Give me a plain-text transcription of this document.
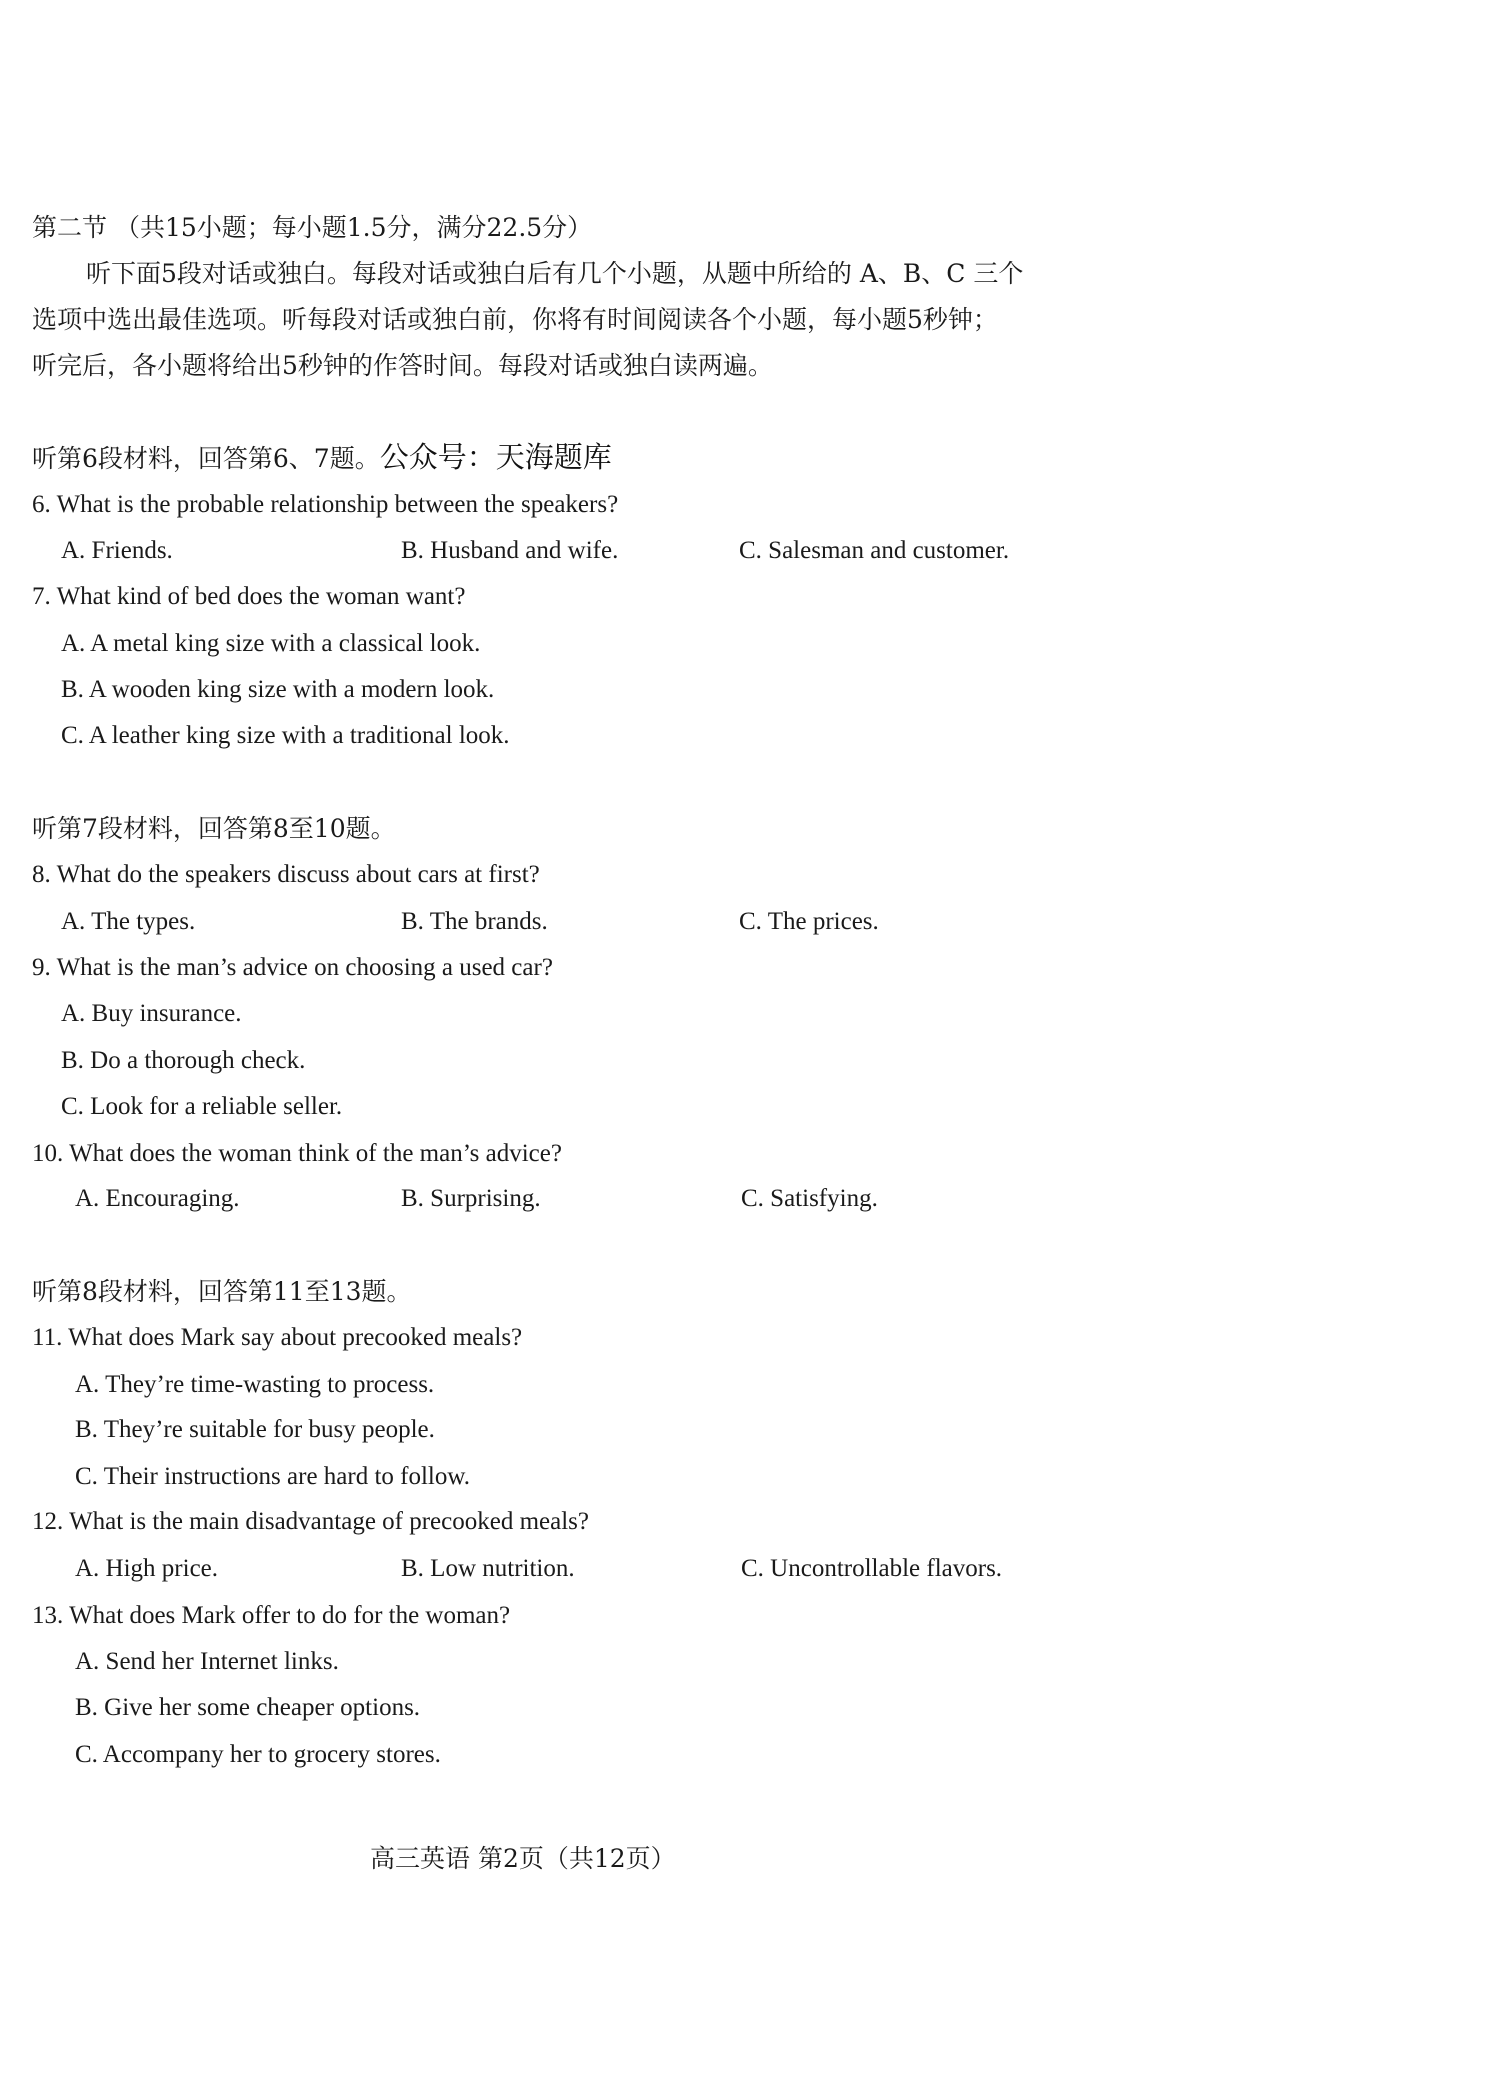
第二节 （共15小题；每小题1.5分，满分22.5分）
听下面5段对话或独白。每段对话或独白后有几个小题，从题中所给的 A、B、C 三个
选项中选出最佳选项。听每段对话或独白前，你将有时间阅读各个小题，每小题5秒钟；
听完后，各小题将给出5秒钟的作答时间。每段对话或独白读两遍。
听第6段材料，回答第6、7题。公众号：天海题库
6. What is the probable relationship between the speakers?
A. Friends.	B. Husband and wife.	C. Salesman and customer.
7. What kind of bed does the woman want?
A. A metal king size with a classical look.
B. A wooden king size with a modern look.
C. A leather king size with a traditional look.
听第7段材料，回答第8至10题。
8. What do the speakers discuss about cars at first?
A. The types.	B. The brands.	C. The prices.
9. What is the man’s advice on choosing a used car?
A. Buy insurance.
B. Do a thorough check.
C. Look for a reliable seller.
10. What does the woman think of the man’s advice?
A. Encouraging.	B. Surprising.	C. Satisfying.
听第8段材料，回答第11至13题。
11. What does Mark say about precooked meals?
A. They’re time-wasting to process.
B. They’re suitable for busy people.
C. Their instructions are hard to follow.
12. What is the main disadvantage of precooked meals?
A. High price.	B. Low nutrition.	C. Uncontrollable flavors.
13. What does Mark offer to do for the woman?
A. Send her Internet links.
B. Give her some cheaper options.
C. Accompany her to grocery stores.
高三英语 第2页（共12页）
